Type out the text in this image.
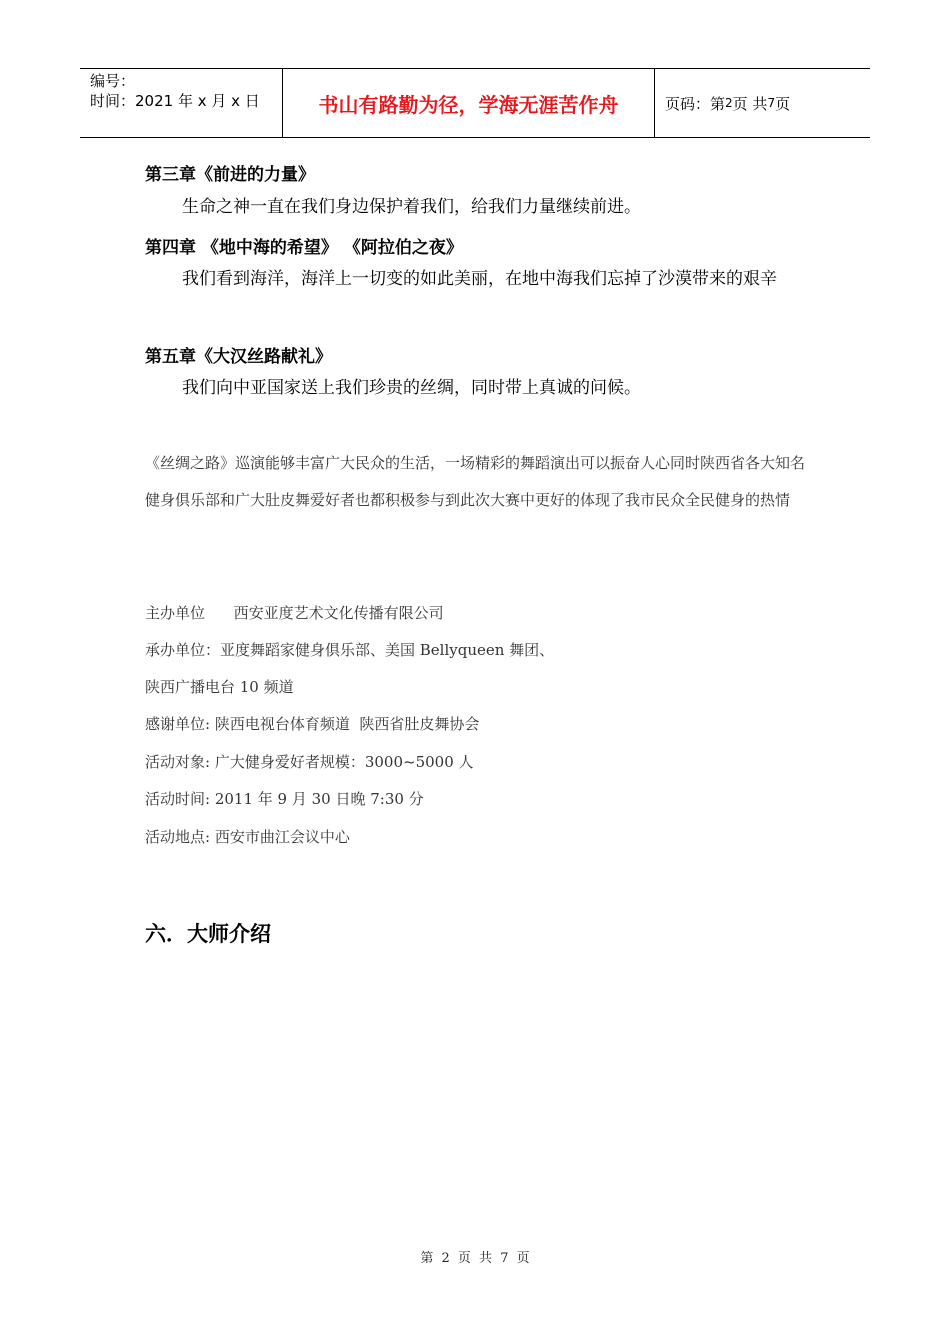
编号：
时间：2021 年 x 月 x 日	书山有路勤为径，学海无涯苦作舟	页码：第 2 页 共 7 页
第三章《前进的力量》
生命之神一直在我们身边保护着我们，给我们力量继续前进。
第四章 《地中海的希望》 《阿拉伯之夜》
我们看到海洋，海洋上一切变的如此美丽，在地中海我们忘掉了沙漠带来的艰辛
第五章《大汉丝路献礼》
我们向中亚国家送上我们珍贵的丝绸，同时带上真诚的问候。
《丝绸之路》巡演能够丰富广大民众的生活，一场精彩的舞蹈演出可以振奋人心同时陕西省各大知名健身俱乐部和广大肚皮舞爱好者也都积极参与到此次大赛中更好的体现了我市民众全民健身的热情
主办单位      西安亚度艺术文化传播有限公司
承办单位：亚度舞蹈家健身俱乐部、美国 Bellyqueen 舞团、
陕西广播电台 10 频道
感谢单位: 陕西电视台体育频道  陕西省肚皮舞协会
活动对象: 广大健身爱好者规模：3000~5000 人
活动时间: 2011 年 9 月 30 日晚 7:30 分
活动地点: 西安市曲江会议中心
六．大师介绍
第 2 页 共 7 页
